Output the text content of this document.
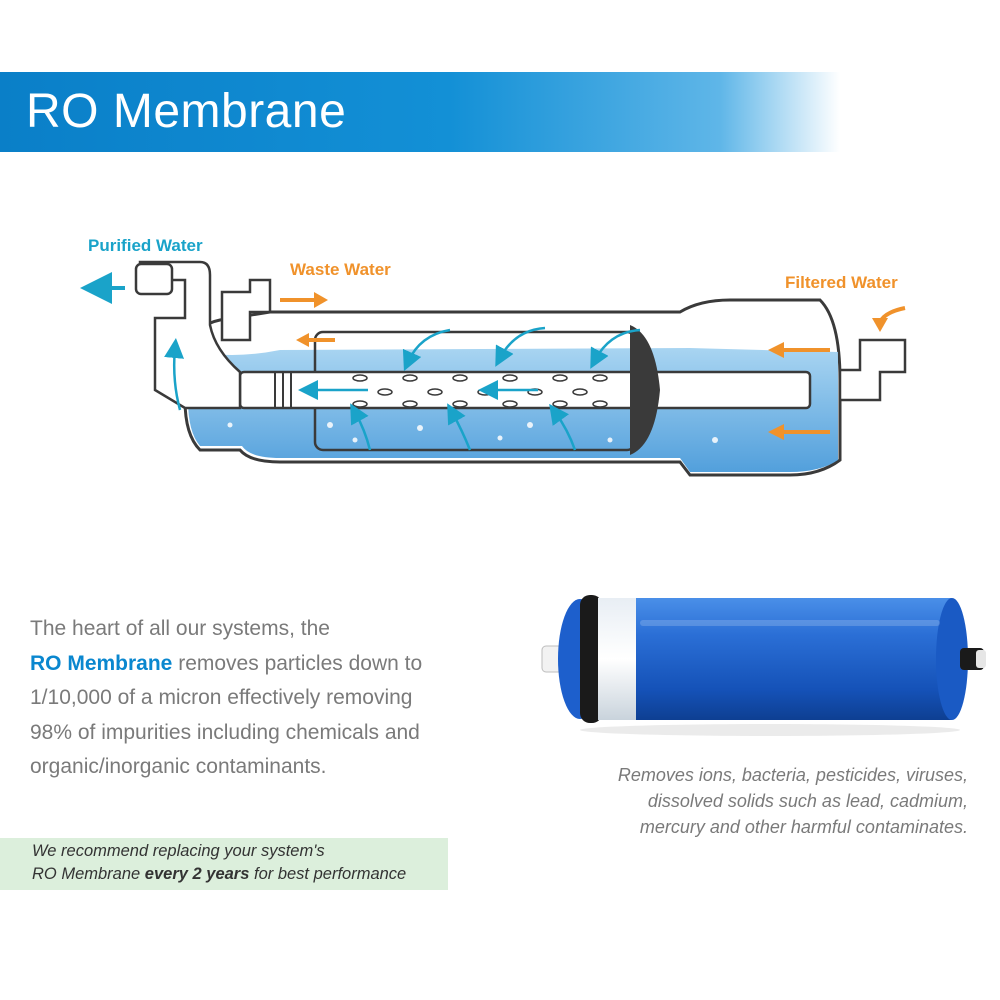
RO Membrane
Purified Water
Waste Water
Filtered Water
The heart of all our systems, the
RO Membrane removes particles down to
1/10,000 of a micron effectively removing
98% of impurities including chemicals and
organic/inorganic contaminants.
We recommend replacing your system's
RO Membrane every 2 years for best performance
Removes ions, bacteria, pesticides, viruses,
dissolved solids such as lead, cadmium,
mercury and other harmful contaminates.
